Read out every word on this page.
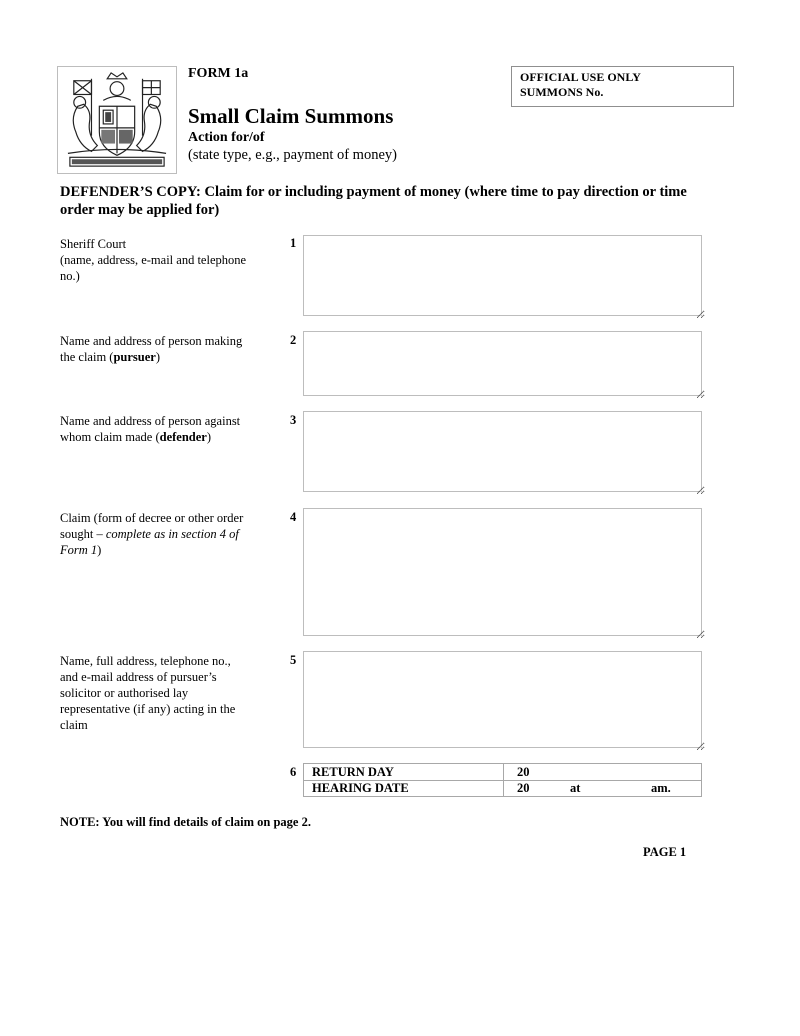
FORM 1a
Small Claim Summons
Action for/of
(state type, e.g., payment of money)
OFFICIAL USE ONLY
SUMMONS No.
DEFENDER’S COPY: Claim for or including payment of money (where time to pay direction or time order may be applied for)
Sheriff Court
(name, address, e-mail and telephone no.)
1
Name and address of person making the claim (pursuer)
2
Name and address of person against whom claim made (defender)
3
Claim (form of decree or other order sought – complete as in section 4 of Form 1)
4
Name, full address, telephone no., and e-mail address of pursuer’s solicitor or authorised lay representative (if any) acting in the claim
5
6 RETURN DAY	20
HEARING DATE	20	at	am.
NOTE: You will find details of claim on page 2.
PAGE 1
